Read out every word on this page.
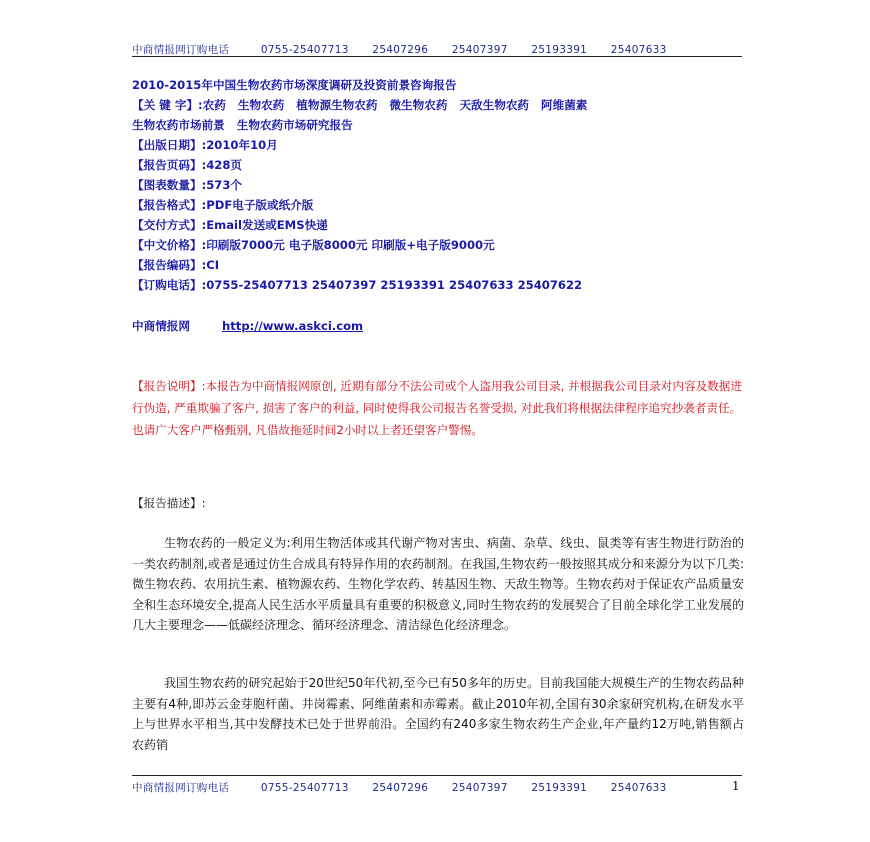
中商情报网订购电话	0755-25407713 25407296 25407397 25193391 25407633
2010-2015年中国生物农药市场深度调研及投资前景咨询报告
【关 键 字】:农药 生物农药 植物源生物农药 微生物农药 天敌生物农药 阿维菌素
生物农药市场前景 生物农药市场研究报告
【出版日期】:2010年10月
【报告页码】:428页
【图表数量】:573个
【报告格式】:PDF电子版或纸介版
【交付方式】:Email发送或EMS快递
【中文价格】:印刷版7000元 电子版8000元 印刷版+电子版9000元
【报告编码】:CI
【订购电话】:0755-25407713 25407397 25193391 25407633 25407622
中商情报网	http://www.askci.com
【报告说明】:本报告为中商情报网原创, 近期有部分不法公司或个人盗用我公司目录, 并根据我公司目录对内容及数据进行伪造, 严重欺骗了客户, 损害了客户的利益, 同时使得我公司报告名誉受损, 对此我们将根据法律程序追究抄袭者责任。也请广大客户严格甄别, 凡借故拖延时间2小时以上者还望客户警惕。
【报告描述】:

生物农药的一般定义为:利用生物活体或其代谢产物对害虫、病菌、杂草、线虫、鼠类等有害生物进行防治的一类农药制剂,或者是通过仿生合成具有特异作用的农药制剂。在我国,生物农药一般按照其成分和来源分为以下几类:微生物农药、农用抗生素、植物源农药、生物化学农药、转基因生物、天敌生物等。生物农药对于保证农产品质量安全和生态环境安全,提高人民生活水平质量具有重要的积极意义,同时生物农药的发展契合了目前全球化学工业发展的几大主要理念——低碳经济理念、循环经济理念、清洁绿色化经济理念。

我国生物农药的研究起始于20世纪50年代初,至今已有50多年的历史。目前我国能大规模生产的生物农药品种主要有4种,即苏云金芽胞杆菌、井岗霉素、阿维菌素和赤霉素。截止2010年初,全国有30余家研究机构,在研发水平上与世界水平相当,其中发酵技术已处于世界前沿。全国约有240多家生物农药生产企业,年产量约12万吨,销售额占农药销

中商情报网订购电话	0755-25407713 25407296 25407397 25193391 25407633	1
